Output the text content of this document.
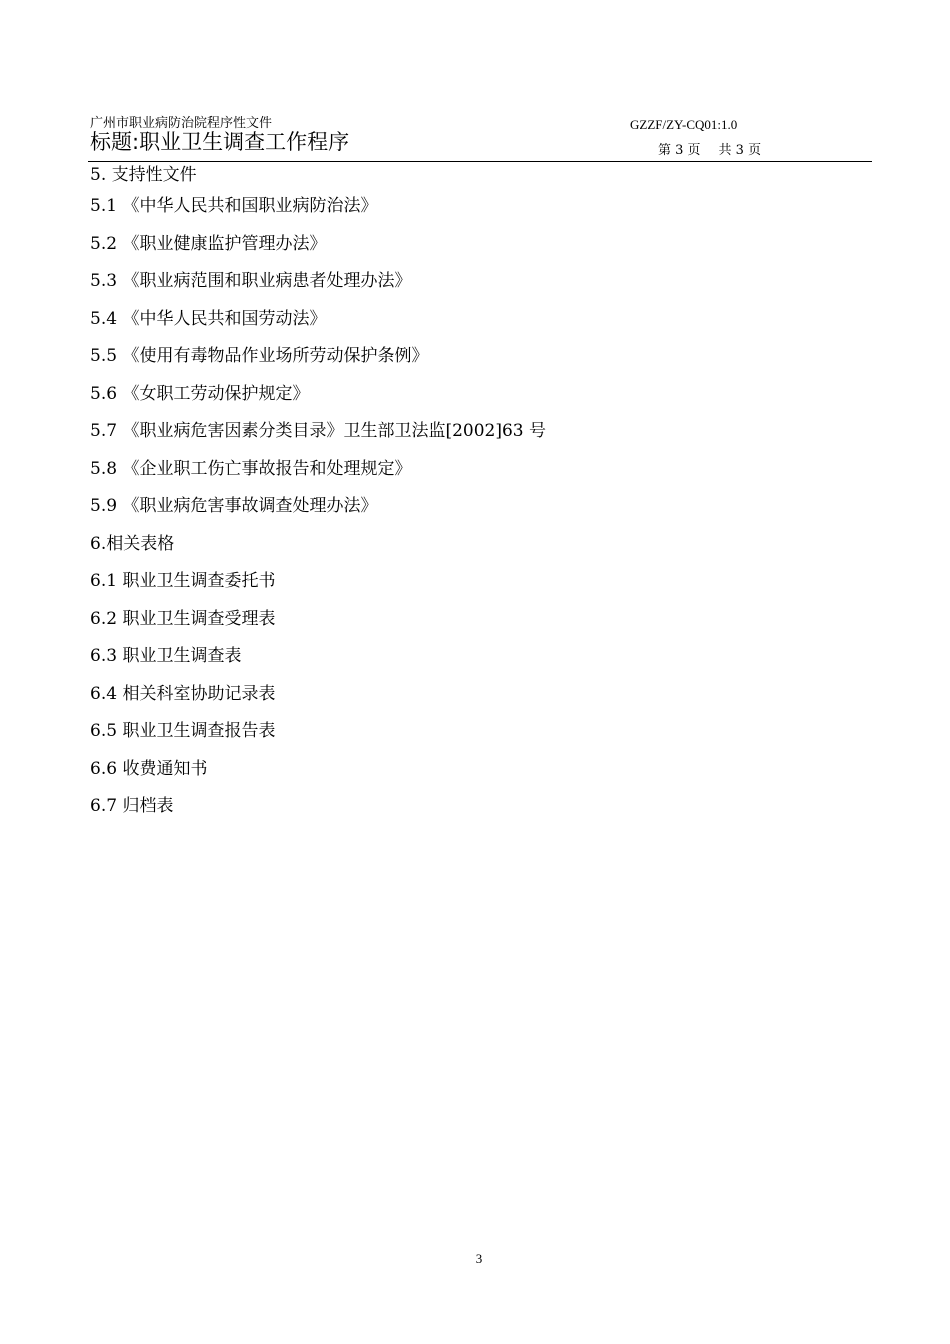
广州市职业病防治院程序性文件	GZZF/ZY-CQ01:1.0
标题:职业卫生调查工作程序	第 3 页 共 3 页
5. 支持性文件
5.1 《中华人民共和国职业病防治法》
5.2 《职业健康监护管理办法》
5.3 《职业病范围和职业病患者处理办法》
5.4 《中华人民共和国劳动法》
5.5 《使用有毒物品作业场所劳动保护条例》
5.6 《女职工劳动保护规定》
5.7 《职业病危害因素分类目录》卫生部卫法监[2002]63 号
5.8 《企业职工伤亡事故报告和处理规定》
5.9 《职业病危害事故调查处理办法》
6.相关表格
6.1 职业卫生调查委托书
6.2 职业卫生调查受理表
6.3 职业卫生调查表
6.4 相关科室协助记录表
6.5 职业卫生调查报告表
6.6 收费通知书
6.7 归档表
3
